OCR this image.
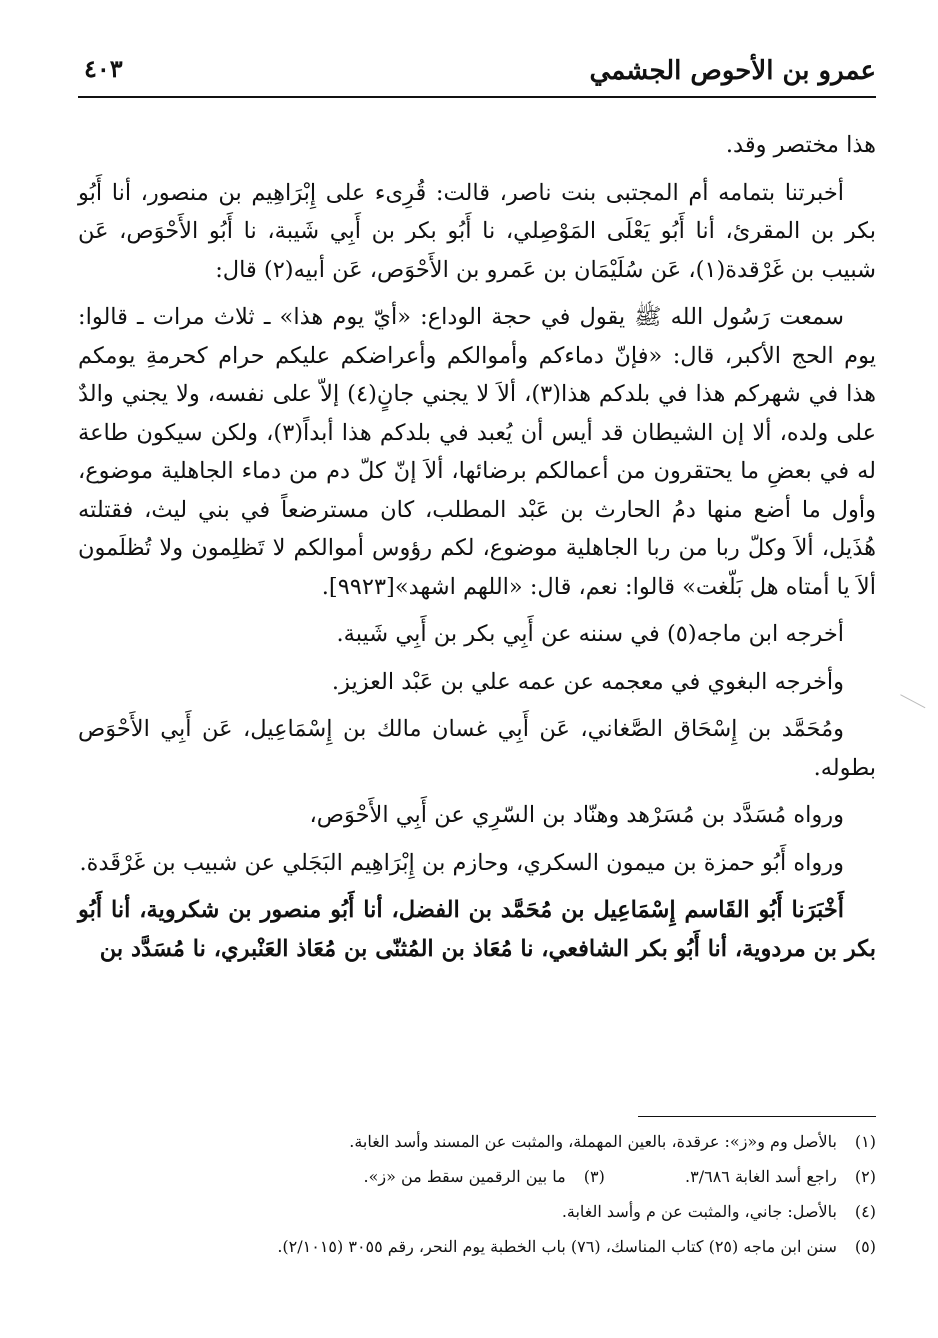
عمرو بن الأحوص الجشمي
٤٠٣

هذا مختصر وقد.

أخبرتنا بتمامه أم المجتبى بنت ناصر، قالت: قُرِىء على إِبْرَاهِيم بن منصور، أنا أَبُو بكر بن المقرئ، أنا أَبُو يَعْلَى المَوْصِلي، نا أَبُو بكر بن أَبِي شَيبة، نا أَبُو الأَحْوَص، عَن شبيب بن غَرْقدة(١)، عَن سُلَيْمَان بن عَمرو بن الأَحْوَص، عَن أبيه(٢) قال:

سمعت رَسُول الله ﷺ يقول في حجة الوداع: «أيّ يوم هذا» ـ ثلاث مرات ـ قالوا: يوم الحج الأكبر، قال: «فإنّ دماءكم وأموالكم وأعراضكم عليكم حرام كحرمةِ يومكم هذا في شهركم هذا في بلدكم هذا(٣)، ألاَ لا يجني جانٍ(٤) إلاّ على نفسه، ولا يجني والدٌ على ولده، ألا إن الشيطان قد أيس أن يُعبد في بلدكم هذا أبداً(٣)، ولكن سيكون طاعة له في بعضِ ما يحتقرون من أعمالكم برضائها، ألاَ إنّ كلّ دم من دماء الجاهلية موضوع، وأول ما أضع منها دمُ الحارث بن عَبْد المطلب، كان مسترضعاً في بني ليث، فقتلته هُذَيل، ألاَ وكلّ ربا من ربا الجاهلية موضوع، لكم رؤوس أموالكم لا تَظلِمون ولا تُظلَمون ألاَ يا أمتاه هل بَلّغت» قالوا: نعم، قال: «اللهم اشهد»[٩٩٢٣].

أخرجه ابن ماجه(٥) في سننه عن أَبِي بكر بن أَبِي شَيبة.

وأخرجه البغوي في معجمه عن عمه علي بن عَبْد العزيز.

ومُحَمَّد بن إِسْحَاق الصَّغاني، عَن أَبِي غسان مالك بن إِسْمَاعِيل، عَن أَبِي الأَحْوَص بطوله.

ورواه مُسَدَّد بن مُسَرْهد وهنّاد بن السّرِي عن أَبِي الأَحْوَص،

ورواه أَبُو حمزة بن ميمون السكري، وحازم بن إِبْرَاهِيم البَجَلي عن شبيب بن غَرْقَدة.

أَخْبَرَنا أَبُو القَاسم إِسْمَاعِيل بن مُحَمَّد بن الفضل، أنا أَبُو منصور بن شكروية، أنا أَبُو بكر بن مردوية، أنا أَبُو بكر الشافعي، نا مُعَاذ بن المُثنّى بن مُعَاذ العَنْبري، نا مُسَدَّد بن

(١) بالأصل وم و«ز»: عرقدة، بالعين المهملة، والمثبت عن المسند وأسد الغابة.
(٢) راجع أسد الغابة ٣/٦٨٦.  (٣) ما بين الرقمين سقط من «ز».
(٤) بالأصل: جاني، والمثبت عن م وأسد الغابة.
(٥) سنن ابن ماجه (٢٥) كتاب المناسك، (٧٦) باب الخطبة يوم النحر، رقم ٣٠٥٥ (٢/١٠١٥).
